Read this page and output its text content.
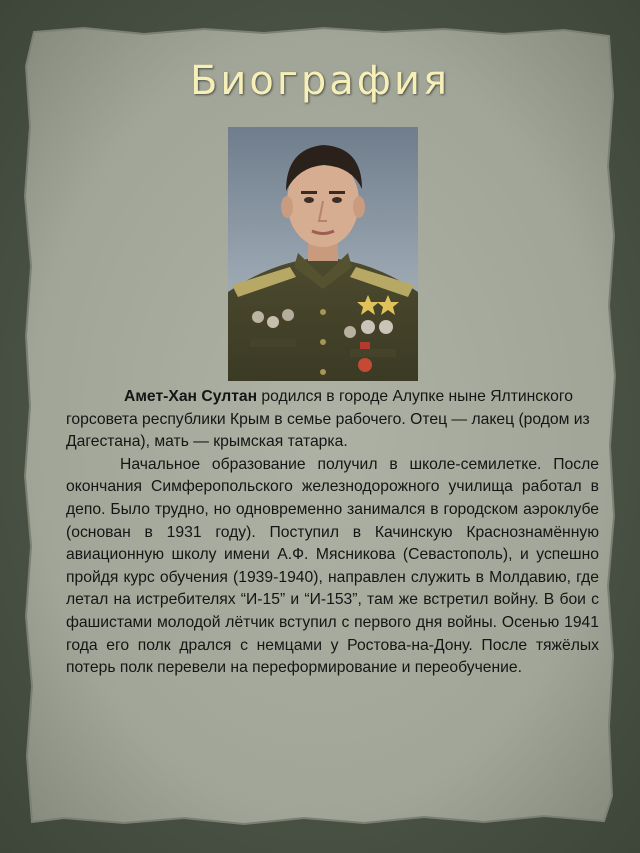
Биография

Амет-Хан Султан родился в городе Алупке ныне Ялтинского горсовета республики Крым в семье рабочего. Отец — лакец (родом из Дагестана), мать — крымская татарка.

Начальное образование получил в школе-семилетке. После окончания Симферопольского железнодорожного училища работал в депо. Было трудно, но одновременно занимался в городском аэроклубе (основан в 1931 году). Поступил в Качинскую Краснознамённую авиационную школу имени А.Ф. Мясникова (Севастополь), и успешно пройдя курс обучения (1939-1940), направлен служить в Молдавию, где летал на истребителях “И-15” и “И-153”, там же встретил войну. В бои с фашистами молодой лётчик вступил с первого дня войны. Осенью 1941 года его полк дрался с немцами у Ростова-на-Дону. После тяжёлых потерь полк перевели на переформирование и переобучение.
